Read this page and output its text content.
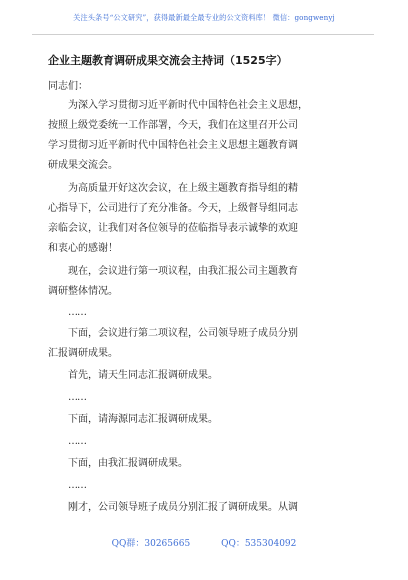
关注头条号“公文研究”，获得最新最全最专业的公文资料库！ 微信：gongwenyj
企业主题教育调研成果交流会主持词（1525字）
同志们：
为深入学习贯彻习近平新时代中国特色社会主义思想，
按照上级党委统一工作部署，今天，我们在这里召开公司
学习贯彻习近平新时代中国特色社会主义思想主题教育调
研成果交流会。
为高质量开好这次会议，在上级主题教育指导组的精
心指导下，公司进行了充分准备。今天，上级督导组同志
亲临会议，让我们对各位领导的莅临指导表示诚挚的欢迎
和衷心的感谢！
现在，会议进行第一项议程，由我汇报公司主题教育
调研整体情况。
……
下面，会议进行第二项议程，公司领导班子成员分别
汇报调研成果。
首先，请天生同志汇报调研成果。
……
下面，请海源同志汇报调研成果。
……
下面，由我汇报调研成果。
……
刚才，公司领导班子成员分别汇报了调研成果。从调
QQ群：30265665	QQ：535304092
